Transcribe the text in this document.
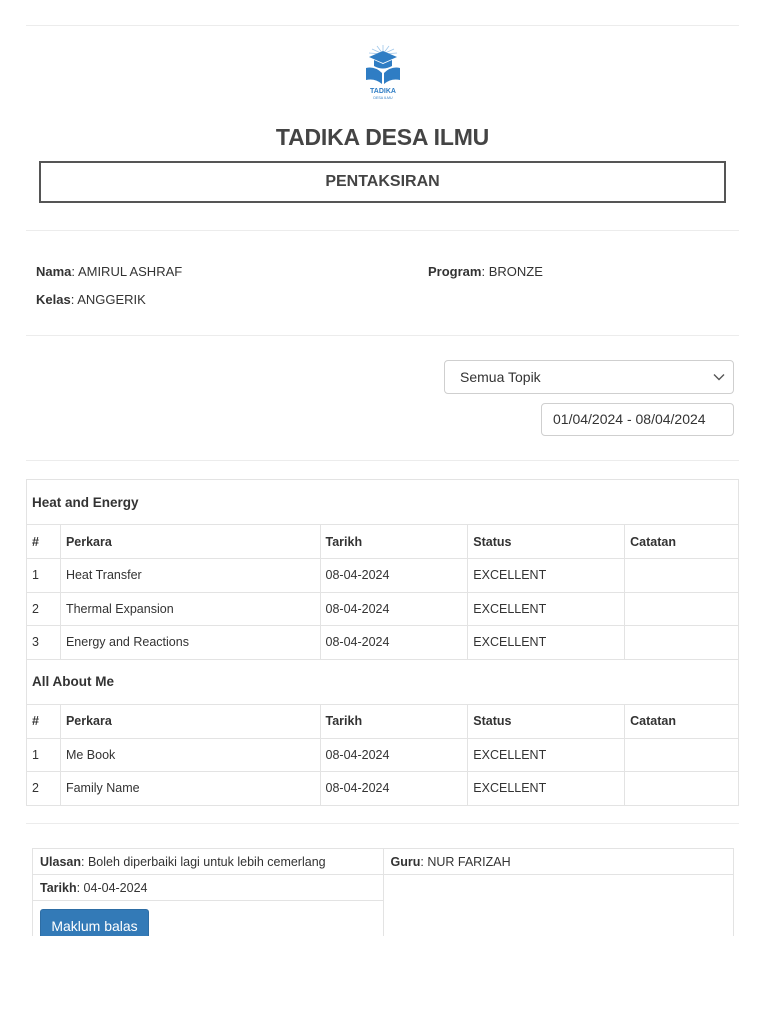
TADIKA
DESA ILMU
TADIKA DESA ILMU
PENTAKSIRAN
Nama: AMIRUL ASHRAF	Program: BRONZE
Kelas: ANGGERIK
Semua Topik
01/04/2024 - 08/04/2024
Heat and Energy				
#	Perkara	Tarikh	Status	Catatan
1	Heat Transfer	08-04-2024	EXCELLENT	
2	Thermal Expansion	08-04-2024	EXCELLENT	
3	Energy and Reactions	08-04-2024	EXCELLENT	
All About Me				
#	Perkara	Tarikh	Status	Catatan
1	Me Book	08-04-2024	EXCELLENT	
2	Family Name	08-04-2024	EXCELLENT	
Ulasan: Boleh diperbaiki lagi untuk lebih cemerlang	Guru: NUR FARIZAH
Tarikh: 04-04-2024	

Maklum balas
